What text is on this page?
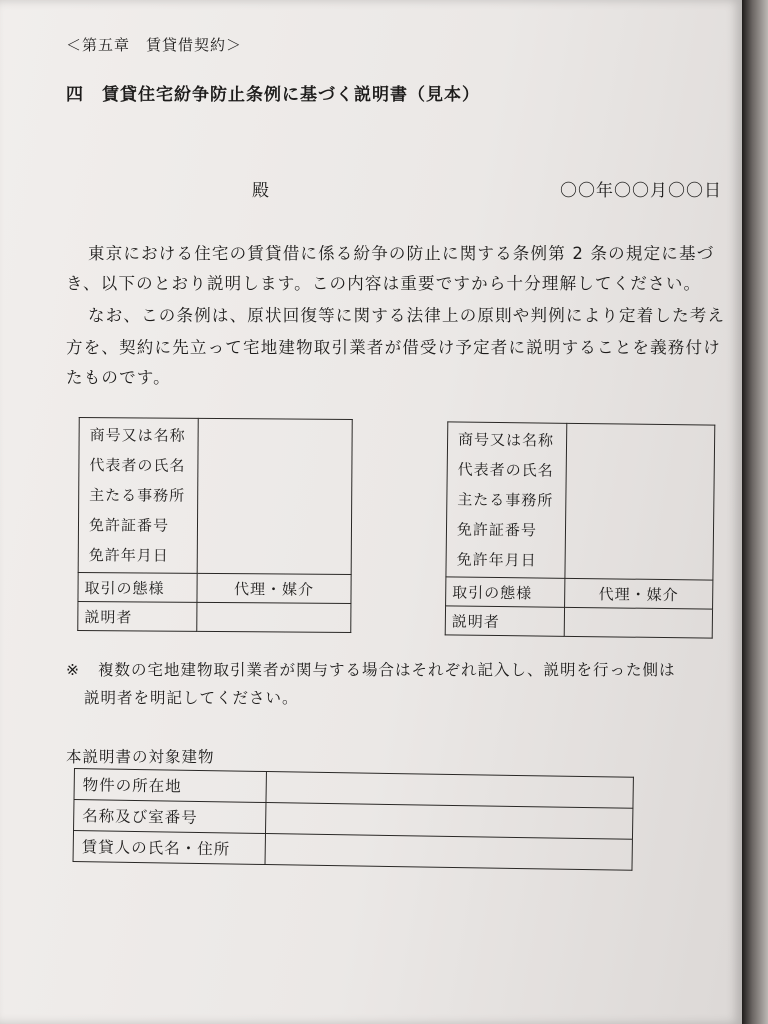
＜第五章　賃貸借契約＞
四 賃貸住宅紛争防止条例に基づく説明書（見本）
殿	〇〇年〇〇月〇〇日
東京における住宅の賃貸借に係る紛争の防止に関する条例第 2 条の規定に基づ
き、以下のとおり説明します。この内容は重要ですから十分理解してください。
なお、この条例は、原状回復等に関する法律上の原則や判例により定着した考え
方を、契約に先立って宅地建物取引業者が借受け予定者に説明することを義務付け
たものです。
商号又は名称
代表者の氏名
主たる事務所
免許証番号
免許年月日	

取引の態様	代理・媒介
説明者	
商号又は名称
代表者の氏名
主たる事務所
免許証番号
免許年月日	

取引の態様	代理・媒介
説明者	
※ 複数の宅地建物取引業者が関与する場合はそれぞれ記入し、説明を行った側は
説明者を明記してください。
本説明書の対象建物
物件の所在地	
名称及び室番号	
賃貸人の氏名・住所	
